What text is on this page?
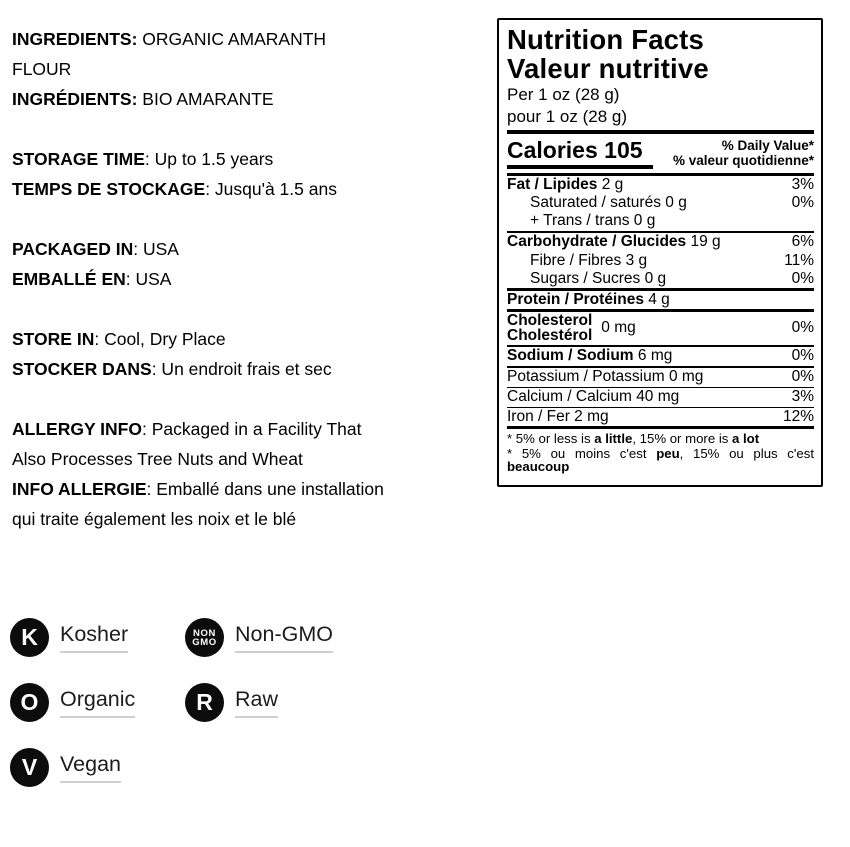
INGREDIENTS: ORGANIC AMARANTH
FLOUR
INGRÉDIENTS: BIO AMARANTE
STORAGE TIME: Up to 1.5 years
TEMPS DE STOCKAGE: Jusqu'à 1.5 ans
PACKAGED IN: USA
EMBALLÉ EN: USA
STORE IN: Cool, Dry Place
STOCKER DANS: Un endroit frais et sec
ALLERGY INFO: Packaged in a Facility That
Also Processes Tree Nuts and Wheat
INFO ALLERGIE: Emballé dans une installation
qui traite également les noix et le blé
Nutrition Facts
Valeur nutritive
Per 1 oz (28 g)
pour 1 oz (28 g)
Calories 105	% Daily Value*
% valeur quotidienne*
Fat / Lipides 2 g	3%
Saturated / saturés 0 g	0%
+ Trans / trans 0 g
Carbohydrate / Glucides 19 g	6%
Fibre / Fibres 3 g	11%
Sugars / Sucres 0 g	0%
Protein / Protéines 4 g
Cholesterol
Cholestérol 0 mg	0%
Sodium / Sodium 6 mg	0%
Potassium / Potassium 0 mg	0%
Calcium / Calcium 40 mg	3%
Iron / Fer 2 mg	12%
* 5% or less is a little, 15% or more is a lot
* 5% ou moins c'est peu, 15% ou plus c'est beaucoup
K Kosher	NON
GMO Non-GMO
O Organic	R Raw
V Vegan
